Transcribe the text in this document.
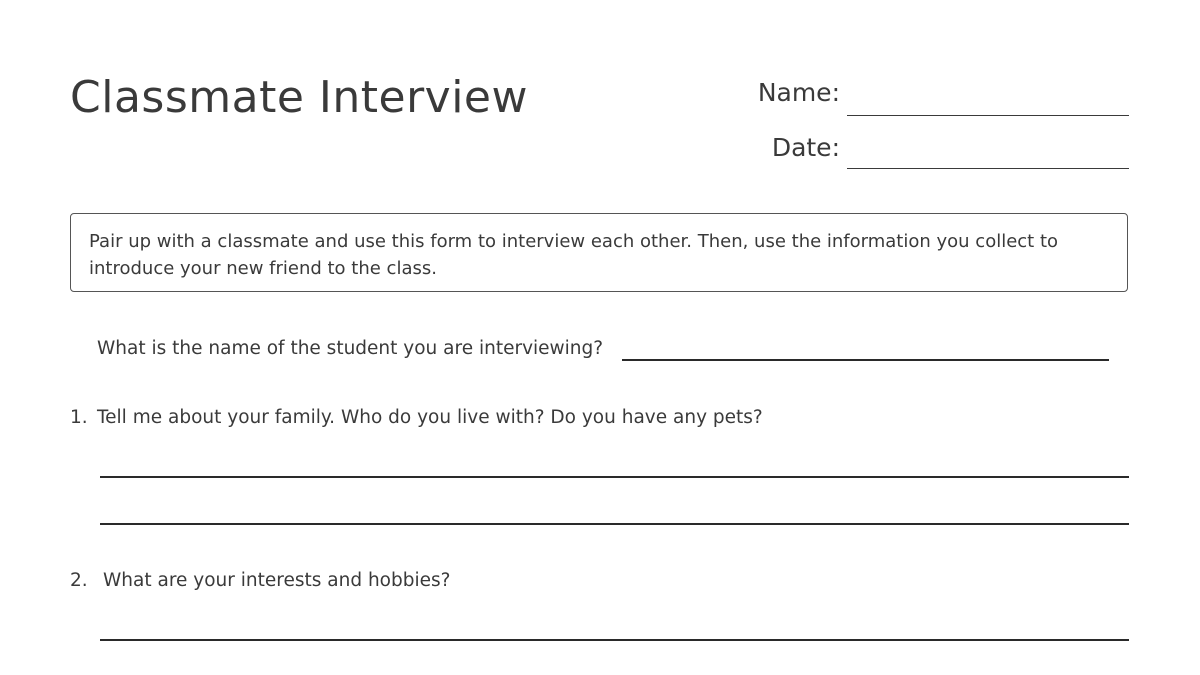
Classmate Interview	Name:
Date:
Pair up with a classmate and use this form to interview each other. Then, use the information you collect to introduce your new friend to the class.
What is the name of the student you are interviewing?
1. Tell me about your family. Who do you live with? Do you have any pets?
2. What are your interests and hobbies?
